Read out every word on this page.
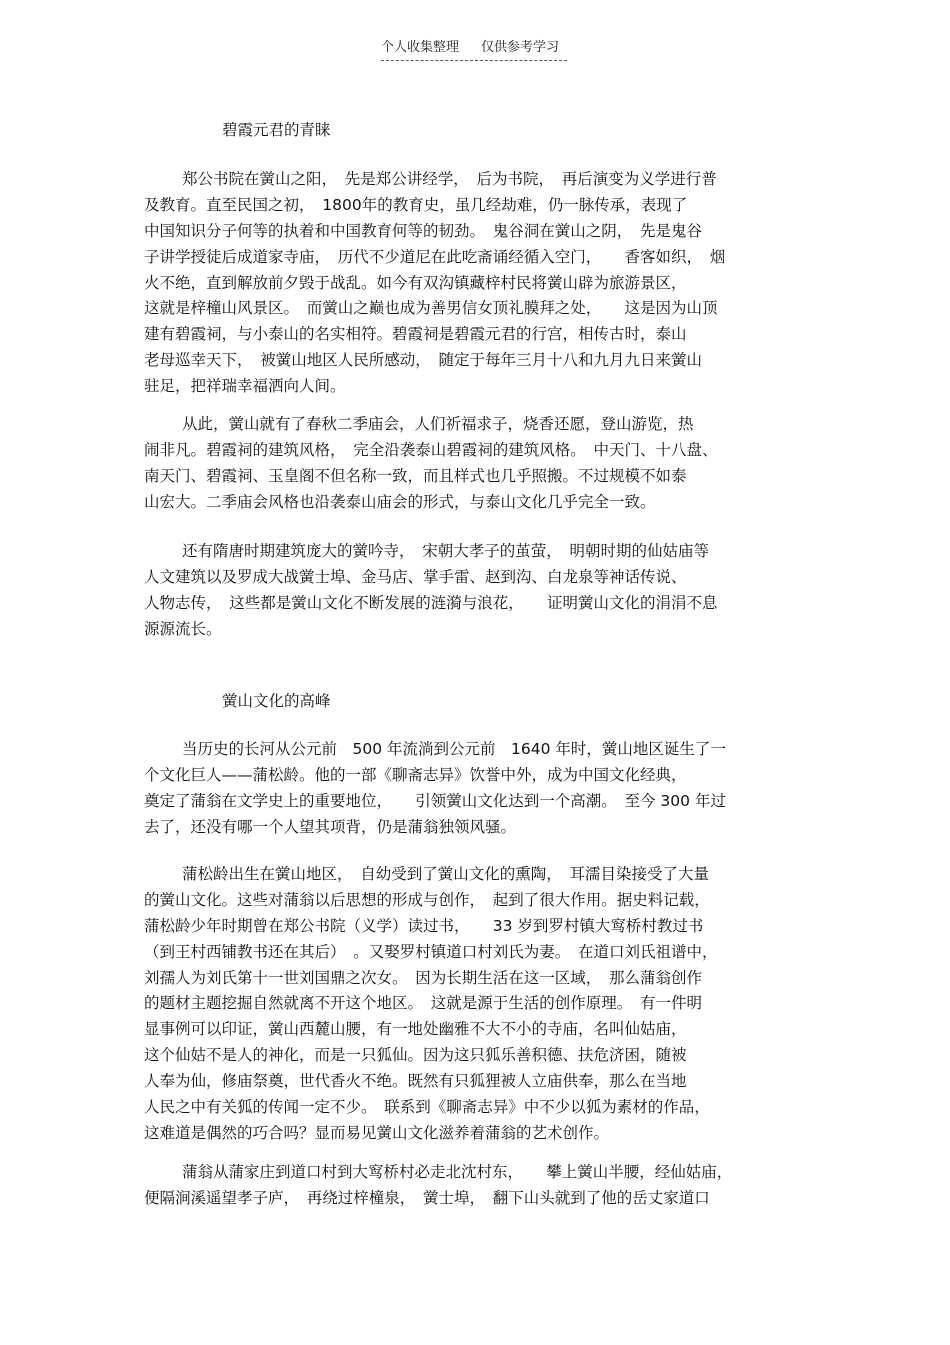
个人收集整理 仅供参考学习
碧霞元君的青睐
郑公书院在黉山之阳，　先是郑公讲经学，　后为书院，　再后演变为义学进行普
及教育。直至民国之初，　1800年的教育史，虽几经劫难，仍一脉传承，表现了
中国知识分子何等的执着和中国教育何等的韧劲。　鬼谷洞在黉山之阴，　先是鬼谷
子讲学授徒后成道家寺庙，　历代不少道尼在此吃斋诵经循入空门，　　香客如织，　烟
火不绝，直到解放前夕毁于战乱。如今有双沟镇藏梓村民将黉山辟为旅游景区，
这就是梓橦山风景区。　而黉山之巅也成为善男信女顶礼膜拜之处，　　这是因为山顶
建有碧霞祠，与小泰山的名实相符。碧霞祠是碧霞元君的行宫，相传古时，泰山
老母巡幸天下，　被黉山地区人民所感动，　随定于每年三月十八和九月九日来黉山
驻足，把祥瑞幸福洒向人间。
从此，黉山就有了春秋二季庙会，人们祈福求子，烧香还愿，登山游览，热
闹非凡。碧霞祠的建筑风格，　完全沿袭泰山碧霞祠的建筑风格。　中天门、十八盘、
南天门、碧霞祠、玉皇阁不但名称一致，而且样式也几乎照搬。不过规模不如泰
山宏大。二季庙会风格也沿袭泰山庙会的形式，与泰山文化几乎完全一致。
还有隋唐时期建筑庞大的黉吟寺，　宋朝大孝子的茧萤，　明朝时期的仙姑庙等
人文建筑以及罗成大战黉士埠、金马店、掌手雷、赵到沟、白龙泉等神话传说、
人物志传，　这些都是黉山文化不断发展的涟漪与浪花，　　证明黉山文化的涓涓不息
源源流长。
黉山文化的高峰
当历史的长河从公元前　500 年流淌到公元前　1640 年时，黉山地区诞生了一
个文化巨人——蒲松龄。他的一部《聊斋志异》饮誉中外，成为中国文化经典，
奠定了蒲翁在文学史上的重要地位，　　引领黉山文化达到一个高潮。　至今 300 年过
去了，还没有哪一个人望其项背，仍是蒲翁独领风骚。
蒲松龄出生在黉山地区，　自幼受到了黉山文化的熏陶，　耳濡目染接受了大量
的黉山文化。这些对蒲翁以后思想的形成与创作，　起到了很大作用。据史料记载，
蒲松龄少年时期曾在郑公书院（义学）读过书，　　33 岁到罗村镇大窎桥村教过书
（到王村西铺教书还在其后）　。又娶罗村镇道口村刘氏为妻。　在道口刘氏祖谱中，
刘孺人为刘氏第十一世刘国鼎之次女。　因为长期生活在这一区域，　那么蒲翁创作
的题材主题挖掘自然就离不开这个地区。　这就是源于生活的创作原理。　有一件明
显事例可以印证，黉山西麓山腰，有一地处幽雅不大不小的寺庙，名叫仙姑庙，
这个仙姑不是人的神化，而是一只狐仙。因为这只狐乐善积德、扶危济困，随被
人奉为仙，修庙祭奠，世代香火不绝。既然有只狐狸被人立庙供奉，那么在当地
人民之中有关狐的传闻一定不少。　联系到《聊斋志异》中不少以狐为素材的作品，
这难道是偶然的巧合吗？显而易见黉山文化滋养着蒲翁的艺术创作。
蒲翁从蒲家庄到道口村到大窎桥村必走北沈村东，　　攀上黉山半腰，经仙姑庙，
便隔涧溪遥望孝子庐，　再绕过梓橦泉，　黉士埠，　翻下山头就到了他的岳丈家道口
